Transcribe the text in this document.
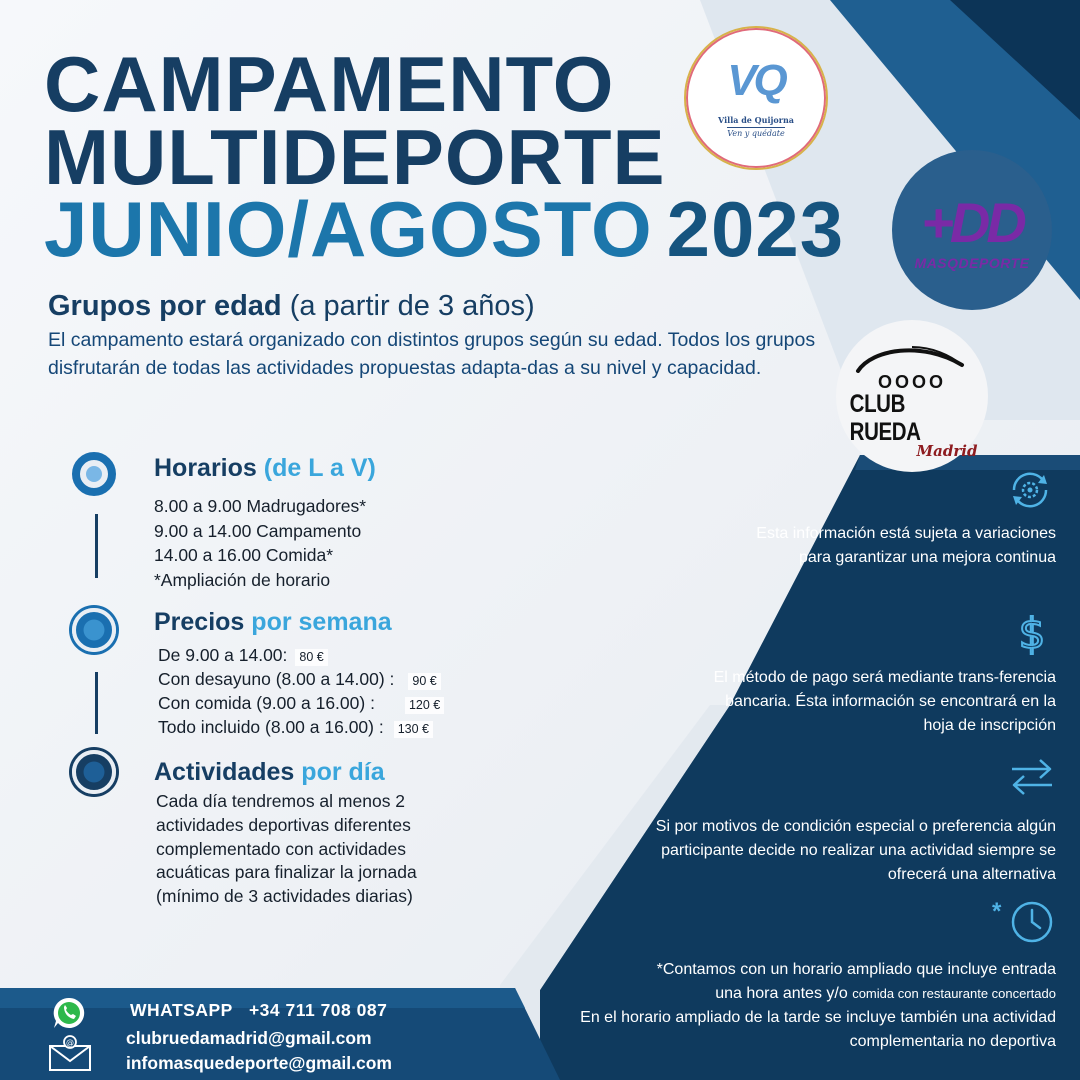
CAMPAMENTO
MULTIDEPORTE
JUNIO/AGOSTO 2023
VQ
Villa de Quijorna
Ven y quédate
+DD
MASQDEPORTE
OOOO
CLUB RUEDA
Madrid
Grupos por edad (a partir de 3 años)

El campamento estará organizado con distintos grupos según su edad. Todos los grupos disfrutarán de todas las actividades propuestas adapta-das a su nivel y capacidad.

Horarios (de L a V)
8.00 a 9.00 Madrugadores*
9.00 a 14.00 Campamento
14.00 a 16.00 Comida*
*Ampliación de horario
Precios por semana
De 9.00 a 14.00: 80 €
Con desayuno (8.00 a 14.00) :	90 €
Con comida (9.00 a 16.00) :	120 €
Todo incluido (8.00 a 16.00) :	130 €
Actividades por día

Cada día tendremos al menos 2 actividades deportivas diferentes complementado con actividades acuáticas para finalizar la jornada (mínimo de 3 actividades diarias)

Esta información está sujeta a variaciones para garantizar una mejora continua

$

El método de pago será mediante trans-ferencia bancaria. Ésta información se encontrará en la hoja de inscripción

Si por motivos de condición especial o preferencia algún participante decide no realizar una actividad siempre se ofrecerá una alternativa

*
*Contamos con un horario ampliado que incluye entrada
una hora antes y/o comida con restaurante concertado
En el horario ampliado de la tarde se incluye también una actividad complementaria no deportiva
WHATSAPP +34 711 708 087
@	clubruedamadrid@gmail.com
infomasquedeporte@gmail.com
